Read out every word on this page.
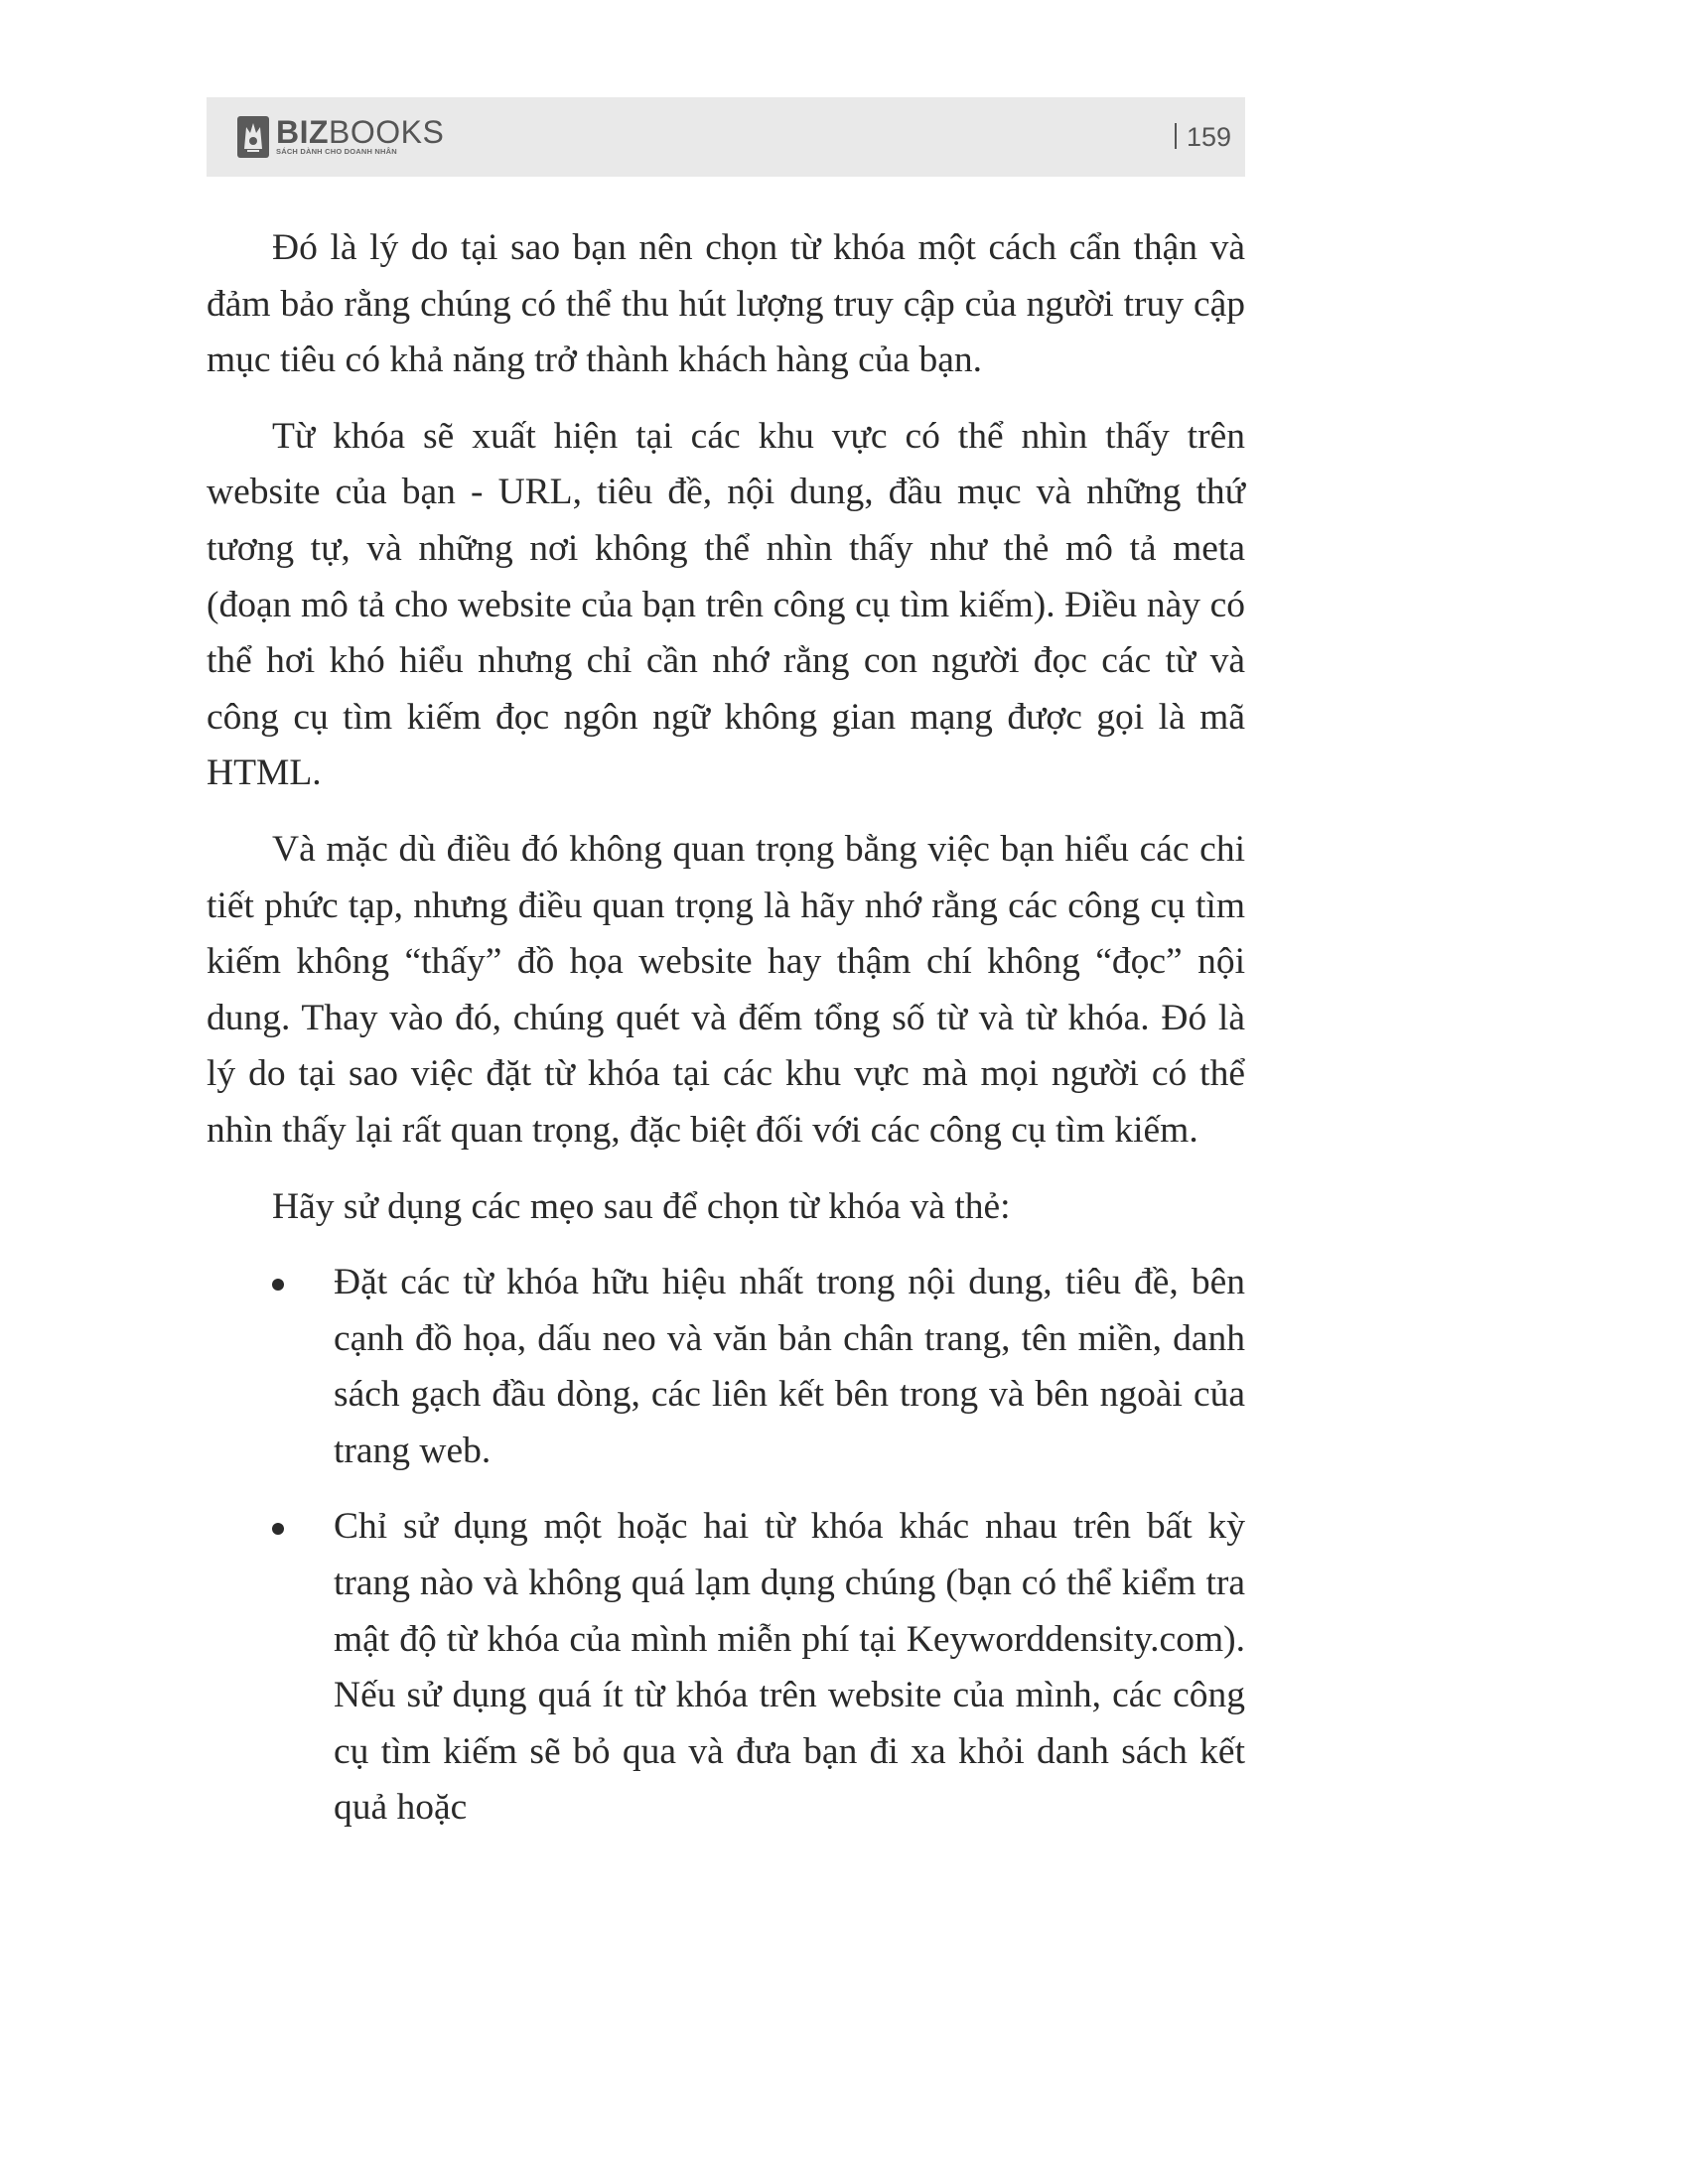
BIZBOOKS
SÁCH DÀNH CHO DOANH NHÂN	159

Đó là lý do tại sao bạn nên chọn từ khóa một cách cẩn thận và đảm bảo rằng chúng có thể thu hút lượng truy cập của người truy cập mục tiêu có khả năng trở thành khách hàng của bạn.

Từ khóa sẽ xuất hiện tại các khu vực có thể nhìn thấy trên website của bạn - URL, tiêu đề, nội dung, đầu mục và những thứ tương tự, và những nơi không thể nhìn thấy như thẻ mô tả meta (đoạn mô tả cho website của bạn trên công cụ tìm kiếm). Điều này có thể hơi khó hiểu nhưng chỉ cần nhớ rằng con người đọc các từ và công cụ tìm kiếm đọc ngôn ngữ không gian mạng được gọi là mã HTML.

Và mặc dù điều đó không quan trọng bằng việc bạn hiểu các chi tiết phức tạp, nhưng điều quan trọng là hãy nhớ rằng các công cụ tìm kiếm không “thấy” đồ họa website hay thậm chí không “đọc” nội dung. Thay vào đó, chúng quét và đếm tổng số từ và từ khóa. Đó là lý do tại sao việc đặt từ khóa tại các khu vực mà mọi người có thể nhìn thấy lại rất quan trọng, đặc biệt đối với các công cụ tìm kiếm.

Hãy sử dụng các mẹo sau để chọn từ khóa và thẻ:

Đặt các từ khóa hữu hiệu nhất trong nội dung, tiêu đề, bên cạnh đồ họa, dấu neo và văn bản chân trang, tên miền, danh sách gạch đầu dòng, các liên kết bên trong và bên ngoài của trang web.
Chỉ sử dụng một hoặc hai từ khóa khác nhau trên bất kỳ trang nào và không quá lạm dụng chúng (bạn có thể kiểm tra mật độ từ khóa của mình miễn phí tại Keyworddensity.com). Nếu sử dụng quá ít từ khóa trên website của mình, các công cụ tìm kiếm sẽ bỏ qua và đưa bạn đi xa khỏi danh sách kết quả hoặc
